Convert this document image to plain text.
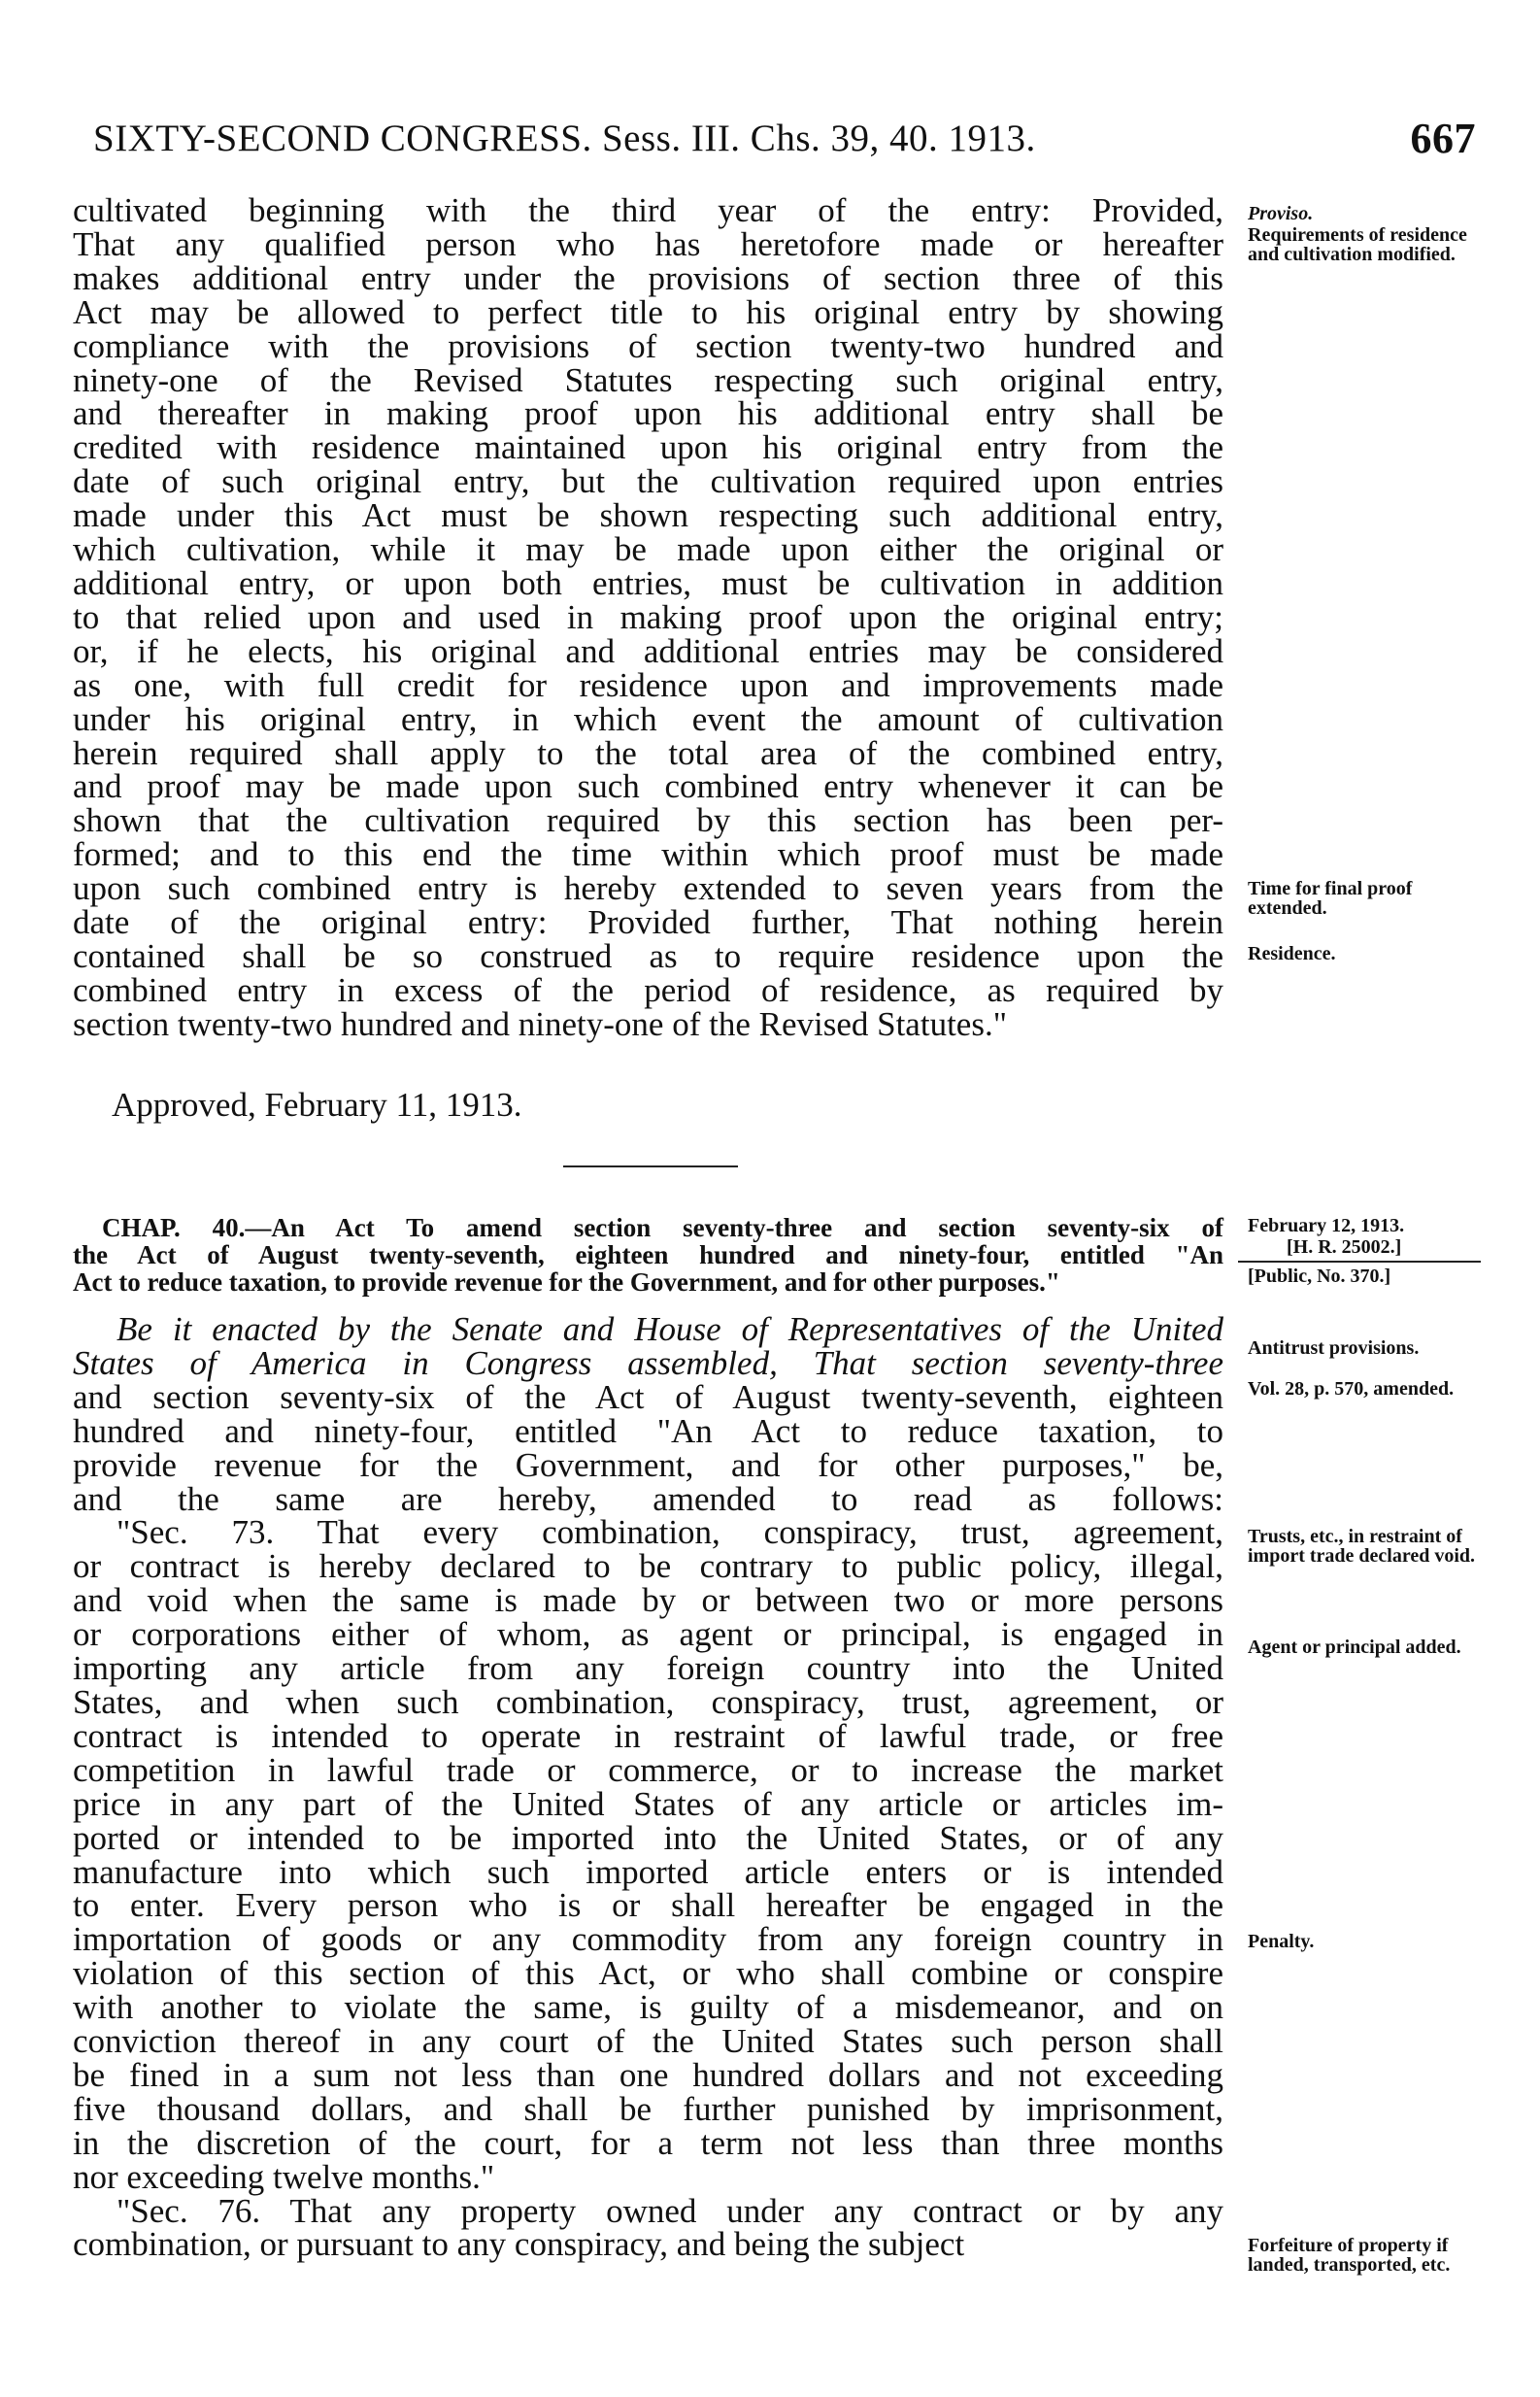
SIXTY-SECOND CONGRESS. Sess. III. Chs. 39, 40. 1913.	667

cultivated beginning with the third year of the entry: Provided,

That any qualified person who has heretofore made or hereafter

makes additional entry under the provisions of section three of this

Act may be allowed to perfect title to his original entry by showing

compliance with the provisions of section twenty-two hundred and

ninety-one of the Revised Statutes respecting such original entry,

and thereafter in making proof upon his additional entry shall be

credited with residence maintained upon his original entry from the

date of such original entry, but the cultivation required upon entries

made under this Act must be shown respecting such additional entry,

which cultivation, while it may be made upon either the original or

additional entry, or upon both entries, must be cultivation in addition

to that relied upon and used in making proof upon the original entry;

or, if he elects, his original and additional entries may be considered

as one, with full credit for residence upon and improvements made

under his original entry, in which event the amount of cultivation

herein required shall apply to the total area of the combined entry,

and proof may be made upon such combined entry whenever it can be

shown that the cultivation required by this section has been per-

formed; and to this end the time within which proof must be made

upon such combined entry is hereby extended to seven years from the

date of the original entry: Provided further, That nothing herein

contained shall be so construed as to require residence upon the

combined entry in excess of the period of residence, as required by

section twenty-two hundred and ninety-one of the Revised Statutes."

Approved, February 11, 1913.

CHAP. 40.—An Act To amend section seventy-three and section seventy-six of

the Act of August twenty-seventh, eighteen hundred and ninety-four, entitled "An

Act to reduce taxation, to provide revenue for the Government, and for other purposes."

Be it enacted by the Senate and House of Representatives of the United

States of America in Congress assembled, That section seventy-three

and section seventy-six of the Act of August twenty-seventh, eighteen

hundred and ninety-four, entitled "An Act to reduce taxation, to

provide revenue for the Government, and for other purposes," be,

and the same are hereby, amended to read as follows:

"Sec. 73. That every combination, conspiracy, trust, agreement,

or contract is hereby declared to be contrary to public policy, illegal,

and void when the same is made by or between two or more persons

or corporations either of whom, as agent or principal, is engaged in

importing any article from any foreign country into the United

States, and when such combination, conspiracy, trust, agreement, or

contract is intended to operate in restraint of lawful trade, or free

competition in lawful trade or commerce, or to increase the market

price in any part of the United States of any article or articles im-

ported or intended to be imported into the United States, or of any

manufacture into which such imported article enters or is intended

to enter. Every person who is or shall hereafter be engaged in the

importation of goods or any commodity from any foreign country in

violation of this section of this Act, or who shall combine or conspire

with another to violate the same, is guilty of a misdemeanor, and on

conviction thereof in any court of the United States such person shall

be fined in a sum not less than one hundred dollars and not exceeding

five thousand dollars, and shall be further punished by imprisonment,

in the discretion of the court, for a term not less than three months

nor exceeding twelve months."

"Sec. 76. That any property owned under any contract or by any

combination, or pursuant to any conspiracy, and being the subject

Proviso.
Requirements of residence and cultivation modified.
Time for final proof extended.
Residence.
February 12, 1913.
[H. R. 25002.]
[Public, No. 370.]
Antitrust provisions.
Vol. 28, p. 570, amended.
Trusts, etc., in restraint of import trade declared void.
Agent or principal added.
Penalty.
Forfeiture of property if landed, transported, etc.
